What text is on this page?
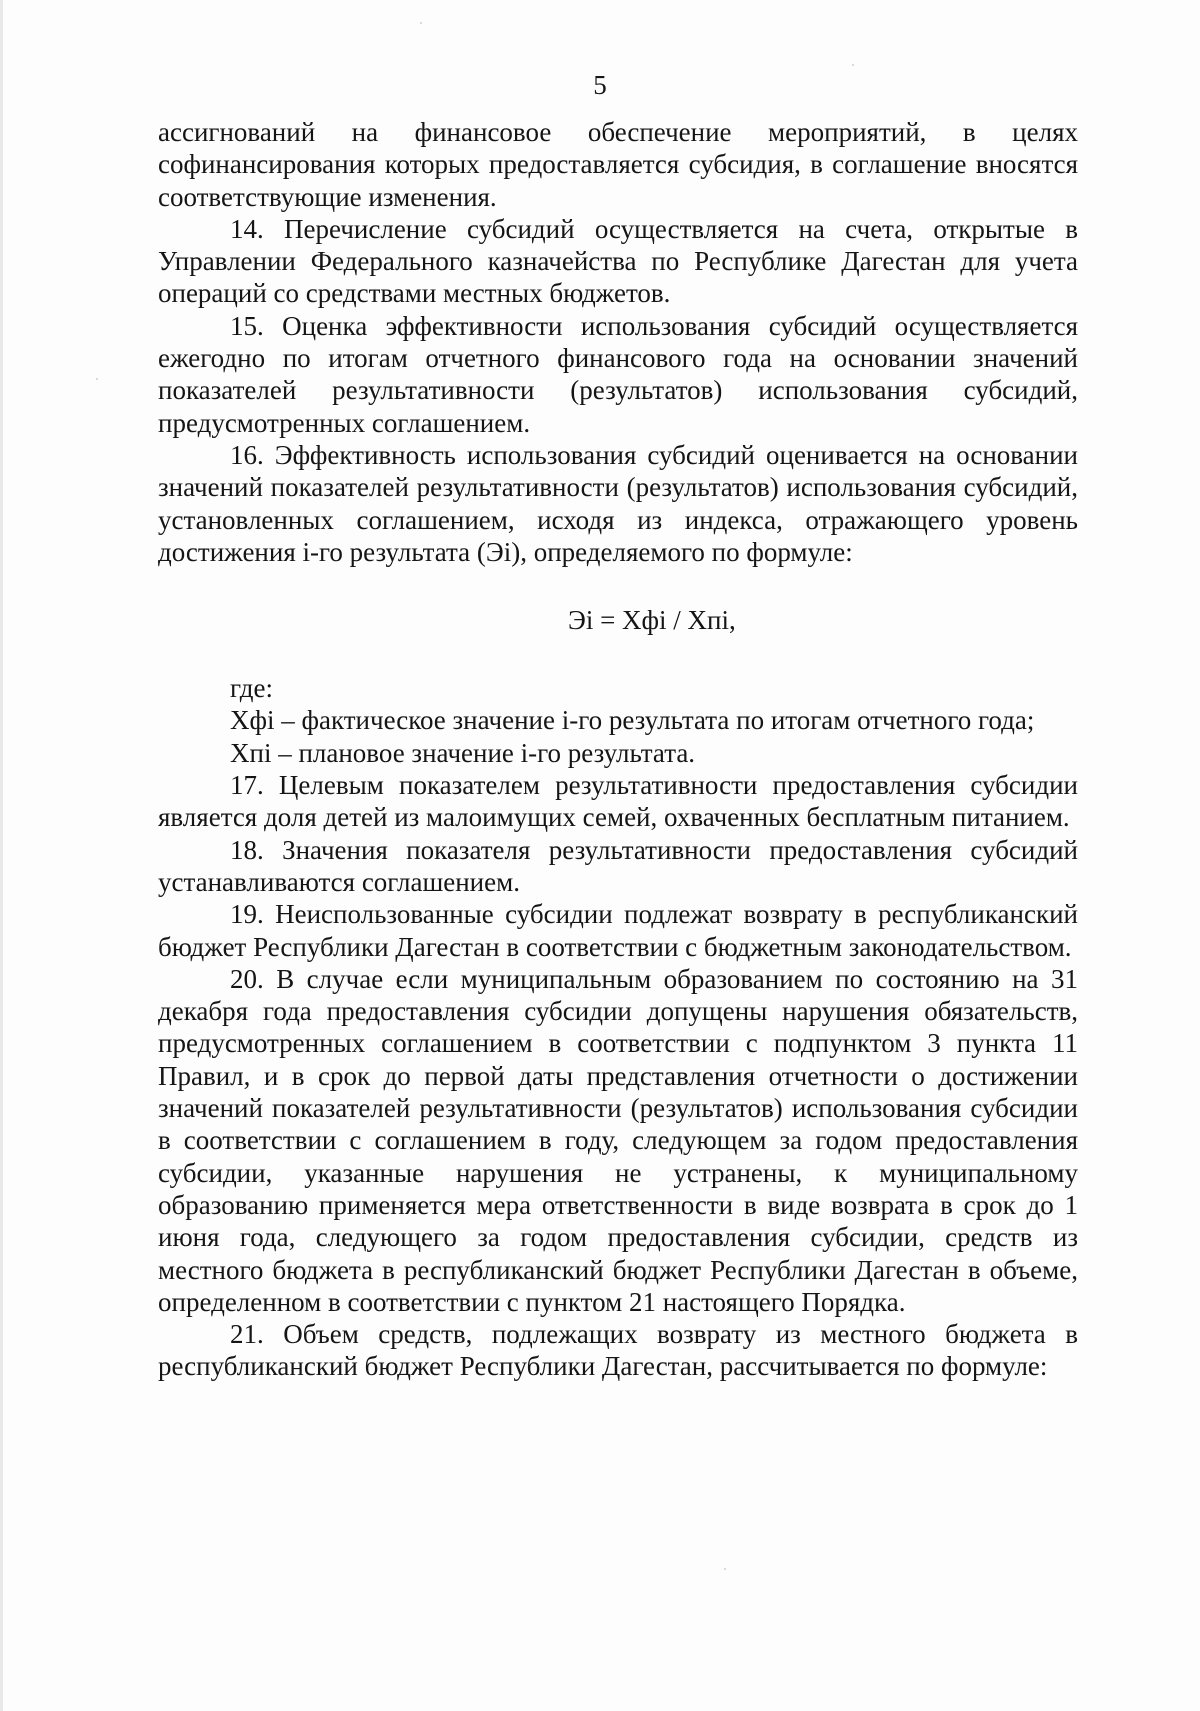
5

ассигнований на финансовое обеспечение мероприятий, в целях софинансирования которых предоставляется субсидия, в соглашение вносятся соответствующие изменения.

14. Перечисление субсидий осуществляется на счета, открытые в Управлении Федерального казначейства по Республике Дагестан для учета операций со средствами местных бюджетов.

15. Оценка эффективности использования субсидий осуществляется ежегодно по итогам отчетного финансового года на основании значений показателей результативности (результатов) использования субсидий, предусмотренных соглашением.

16. Эффективность использования субсидий оценивается на основании значений показателей результативности (результатов) использования субсидий, установленных соглашением, исходя из индекса, отражающего уровень достижения i-го результата (Эi), определяемого по формуле:

Эi = Хфi / Хпi,

где:

Хфi – фактическое значение i-го результата по итогам отчетного года;

Хпi – плановое значение i-го результата.

17. Целевым показателем результативности предоставления субсидии является доля детей из малоимущих семей, охваченных бесплатным питанием.

18. Значения показателя результативности предоставления субсидий устанавливаются соглашением.

19. Неиспользованные субсидии подлежат возврату в республиканский бюджет Республики Дагестан в соответствии с бюджетным законодательством.

20. В случае если муниципальным образованием по состоянию на 31 декабря года предоставления субсидии допущены нарушения обязательств, предусмотренных соглашением в соответствии с подпунктом 3 пункта 11 Правил, и в срок до первой даты представления отчетности о достижении значений показателей результативности (результатов) использования субсидии в соответствии с соглашением в году, следующем за годом предоставления субсидии, указанные нарушения не устранены, к муниципальному образованию применяется мера ответственности в виде возврата в срок до 1 июня года, следующего за годом предоставления субсидии, средств из местного бюджета в республиканский бюджет Республики Дагестан в объеме, определенном в соответствии с пунктом 21 настоящего Порядка.

21. Объем средств, подлежащих возврату из местного бюджета в республиканский бюджет Республики Дагестан, рассчитывается по формуле:
